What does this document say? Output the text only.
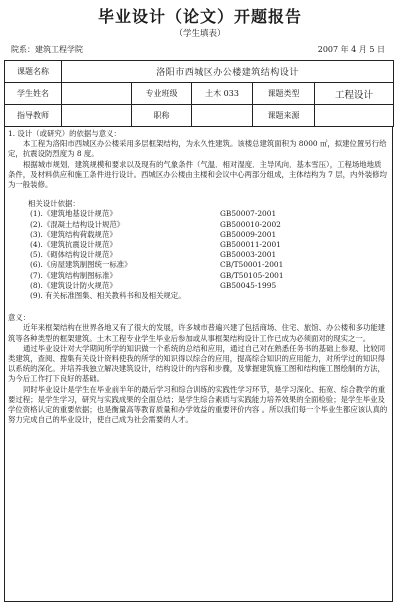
毕业设计（论文）开题报告
（学生填表）
院系：建筑工程学院	2007 年 4 月 5 日
课题名称	洛阳市西城区办公楼建筑结构设计				
学生姓名		专业班级	土木 033	课题类型	工程设计
指导教师		职称		课题来源	

1. 设计（或研究）的依据与意义：

本工程为洛阳市西城区办公楼采用多层框架结构，为永久性建筑。该楼总建筑面积为 8000 ㎡，拟建位置另行给定，抗震设防烈度为 8 度。

根据城市规划．建筑规模和要求以及现有的气象条件（气温．相对湿度．主导风向．基本雪压），工程场地地质条件，及材料供应和施工条件进行设计。西城区办公楼由主楼和会议中心两部分组成，主体结构为 7 层，内外装修均为一般装修。

相关设计依据：

(1).《建筑地基设计规范》	GB50007-2001
(2).《混凝土结构设计规范》	GB500010-2002
(3).《建筑结构荷载规范》	GB50009-2001
(4).《建筑抗震设计规范》	GB500011-2001
(5).《砌体结构设计规范》	GB50003-2001
(6).《房屋建筑制图统一标准》	CB/T50001-2001
(7).《建筑结构制图标准》	GB/T50105-2001
(8).《建筑设计防火规范》	GB50045-1995

(9). 有关标准图集、相关教科书和及相关规定。

意义：

近年来框架结构在世界各地又有了很大的发展，许多城市普遍兴建了包括商场、住宅、旅馆、办公楼和多功能建筑等各种类型的框架建筑。土木工程专业学生毕业后参加或从事框架结构设计工作已成为必须面对的现实之一。

通过毕业设计对大学期间所学的知识做一个系统的总结和应用，通过自己对在熟悉任务书的基础上参观、比较同类建筑，查阅、搜集有关设计资料使我的所学的知识得以综合的应用，提高综合知识的应用能力，对所学过的知识得以系统的深化。并培养我独立解决建筑设计，结构设计的内容和步骤，及掌握建筑施工图和结构施工图绘制的方法，为今后工作打下良好的基础。

同时毕业设计是学生在毕业前半年的最后学习和综合训练的实践性学习环节，是学习深化、拓宽、综合教学的重要过程；是学生学习，研究与实践成果的全面总结；是学生综合素质与实践能力培养效果的全面检验；是学生毕业及学位资格认定的重要依据；也是衡量高等教育质量和办学效益的重要评价内容 。所以我们每一个毕业生都应该认真的努力完成自己的毕业设计，使自己成为社会需要的人才。
